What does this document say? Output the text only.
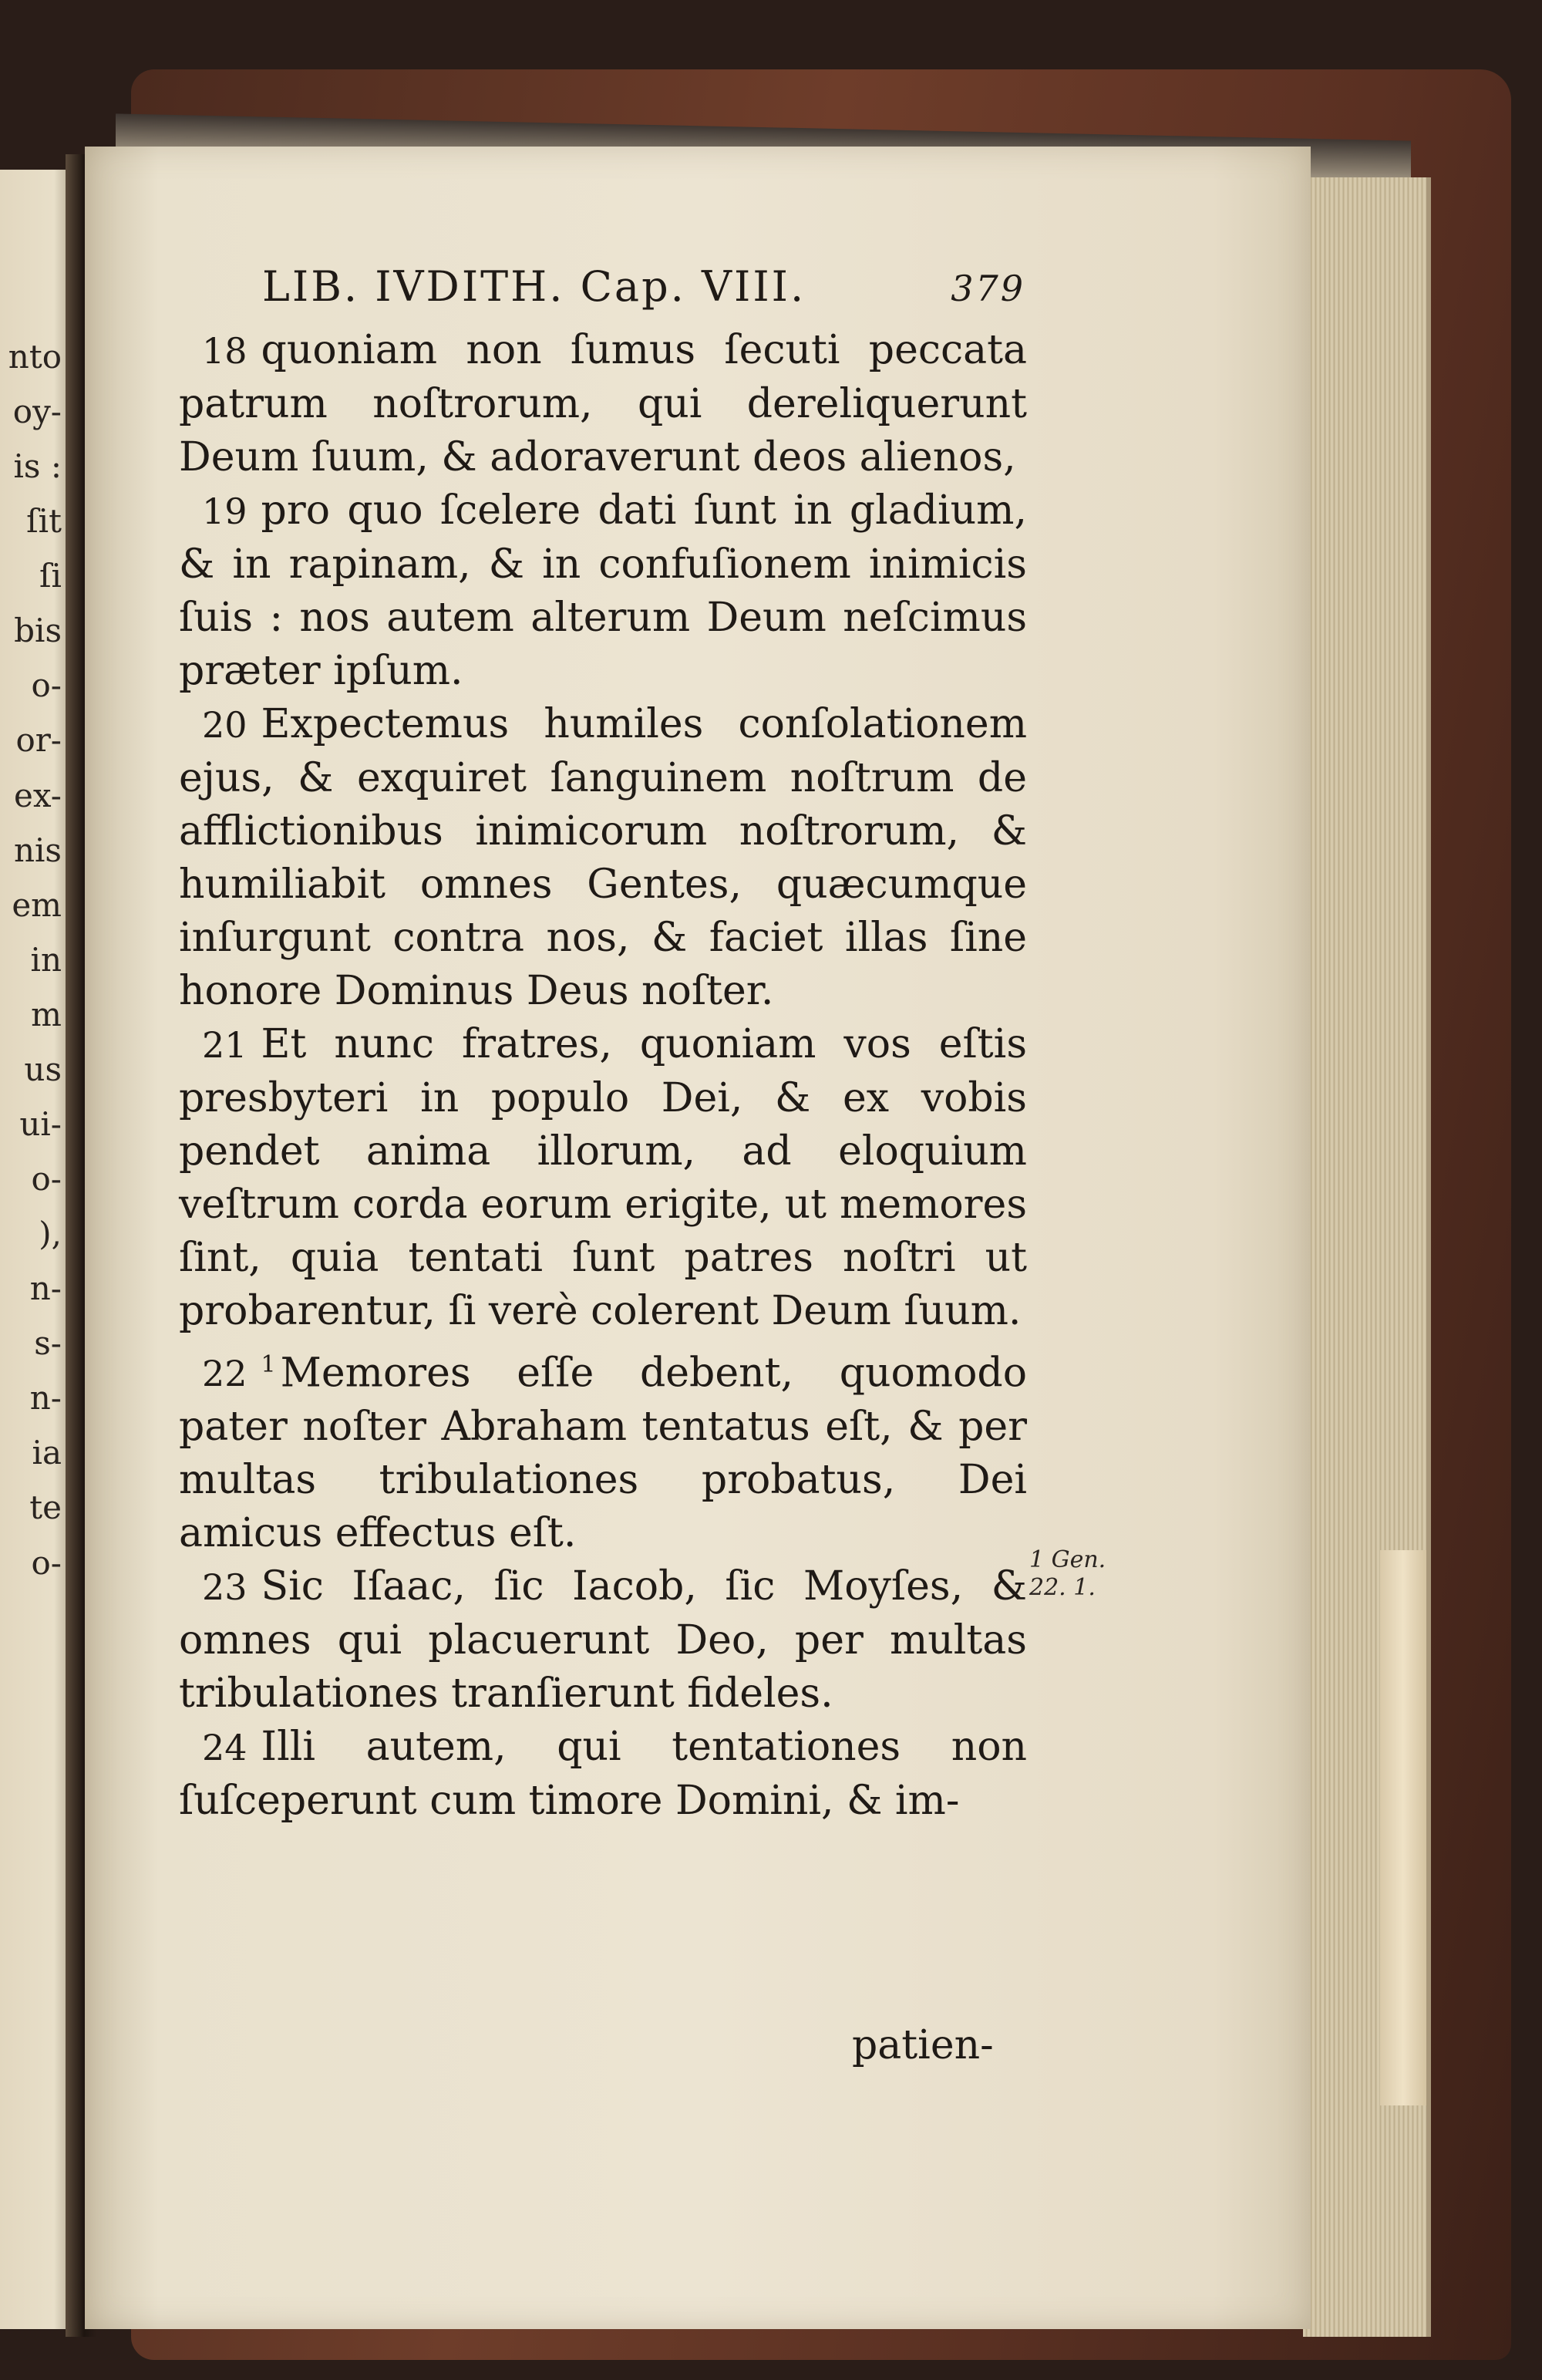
nto
oy-
is :
ſit
ſi
bis
o-
or-
ex-
nis
em
in
m
us
ui-
o-
),
n-
s-
n-
ia
te
o-
LIB. IVDITH. Cap. VIII.	379

18 quoniam non ſumus ſecuti peccata patrum noſtrorum, qui dereliquerunt Deum ſuum, & adoraverunt deos alienos,

19 pro quo ſcelere dati ſunt in gladium, & in rapinam, & in confuſionem inimicis ſuis : nos autem alterum Deum neſcimus præter ipſum.

20 Expectemus humiles conſolationem ejus, & exquiret ſanguinem noſtrum de afflictionibus inimicorum noſtrorum, & humiliabit omnes Gentes, quæcumque inſurgunt contra nos, & faciet illas ſine honore Dominus Deus noſter.

21 Et nunc fratres, quoniam vos eſtis presbyteri in populo Dei, & ex vobis pendet anima illorum, ad eloquium veſtrum corda eorum erigite, ut memores ſint, quia tentati ſunt patres noſtri ut probarentur, ſi verè colerent Deum ſuum.

22 $^1$ Memores eſſe debent, quomodo pater noſter Abraham tentatus eſt, & per multas tribulationes probatus, Dei amicus effectus eſt.

23 Sic Iſaac, ſic Iacob, ſic Moyſes, & omnes qui placuerunt Deo, per multas tribulationes tranſierunt fideles.

24 Illi autem, qui tentationes non ſuſceperunt cum timore Domini, & im-

patien-
1 Gen.
22. 1.
